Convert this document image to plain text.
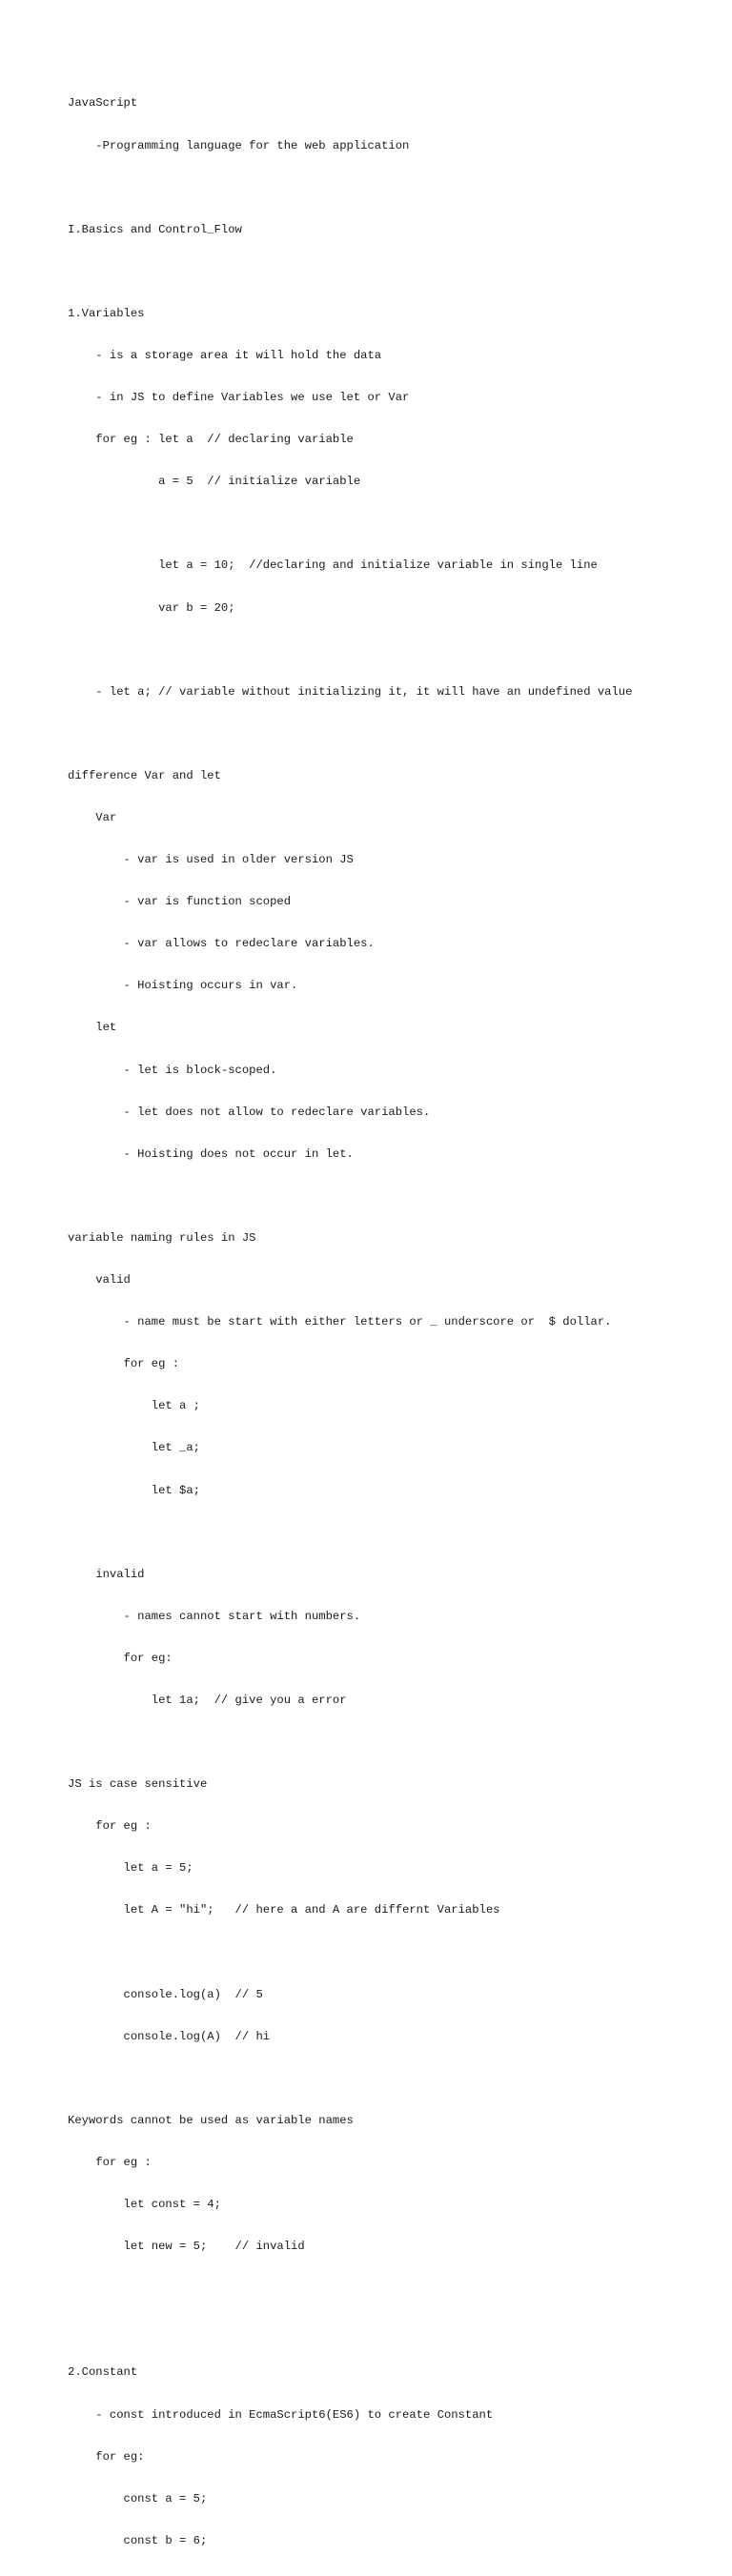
JavaScript

-Programming language for the web application

I.Basics and Control_Flow

1.Variables

- is a storage area it will hold the data

- in JS to define Variables we use let or Var

for eg : let a  // declaring variable

a = 5  // initialize variable

let a = 10;  //declaring and initialize variable in single line

var b = 20;

- let a; // variable without initializing it, it will have an undefined value

difference Var and let

Var

- var is used in older version JS

- var is function scoped

- var allows to redeclare variables.

- Hoisting occurs in var.

let

- let is block-scoped.

- let does not allow to redeclare variables.

- Hoisting does not occur in let.

variable naming rules in JS

valid

- name must be start with either letters or _ underscore or  $ dollar.

for eg :

let a ;

let _a;

let $a;

invalid

- names cannot start with numbers.

for eg:

let 1a;  // give you a error

JS is case sensitive

for eg :

let a = 5;

let A = "hi";   // here a and A are differnt Variables

console.log(a)  // 5

console.log(A)  // hi

Keywords cannot be used as variable names

for eg :

let const = 4;

let new = 5;    // invalid

2.Constant

- const introduced in EcmaScript6(ES6) to create Constant

for eg:

const a = 5;

const b = 6;
